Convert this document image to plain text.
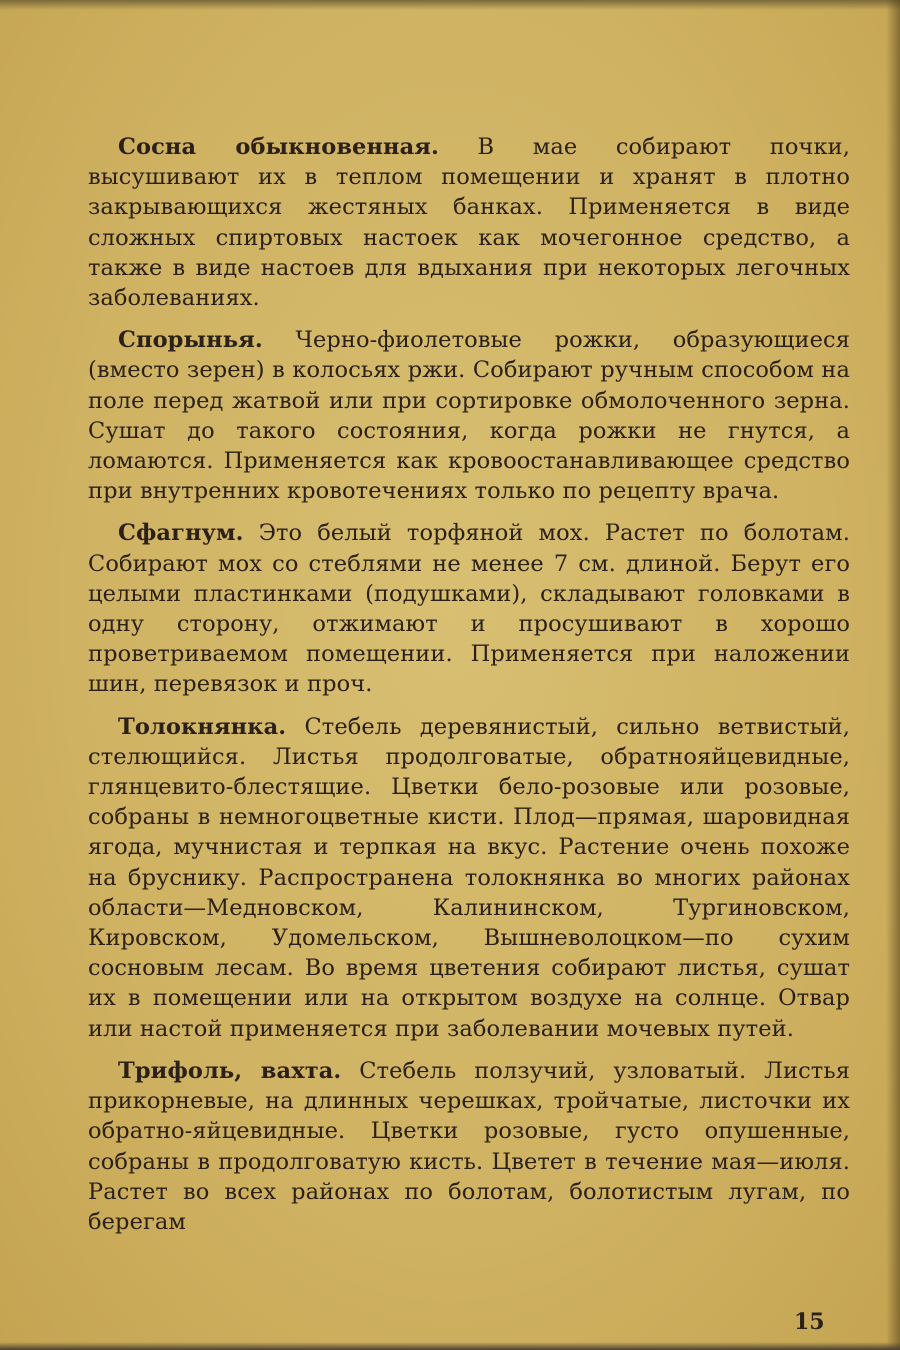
Сосна обыкновенная. В мае собирают почки, высушивают их в теплом помещении и хранят в плотно закрывающихся жестяных банках. Применяется в виде сложных спиртовых настоек как мочегонное средство, а также в виде настоев для вдыхания при некоторых легочных заболеваниях.

Спорынья. Черно-фиолетовые рожки, образующиеся (вместо зерен) в колосьях ржи. Собирают ручным способом на поле перед жатвой или при сортировке обмолоченного зерна. Сушат до такого состояния, когда рожки не гнутся, а ломаются. Применяется как кровоостанавливающее средство при внутренних кровотечениях только по рецепту врача.

Сфагнум. Это белый торфяной мох. Растет по болотам. Собирают мох со стеблями не менее 7 см. длиной. Берут его целыми пластинками (подушками), складывают головками в одну сторону, отжимают и просушивают в хорошо проветриваемом помещении. Применяется при наложении шин, перевязок и проч.

Толокнянка. Стебель деревянистый, сильно ветвистый, стелющийся. Листья продолговатые, обратнояйцевидные, глянцевито-блестящие. Цветки бело-розовые или розовые, собраны в немногоцветные кисти. Плод—прямая, шаровидная ягода, мучнистая и терпкая на вкус. Растение очень похоже на бруснику. Распространена толокнянка во многих районах области—Медновском, Калининском, Тургиновском, Кировском, Удомельском, Вышневолоцком—по сухим сосновым лесам. Во время цветения собирают листья, сушат их в помещении или на открытом воздухе на солнце. Отвар или настой применяется при заболевании мочевых путей.

Трифоль, вахта. Стебель ползучий, узловатый. Листья прикорневые, на длинных черешках, тройчатые, листочки их обратно-яйцевидные. Цветки розовые, густо опушенные, собраны в продолговатую кисть. Цветет в течение мая—июля. Растет во всех районах по болотам, болотистым лугам, по берегам

15
